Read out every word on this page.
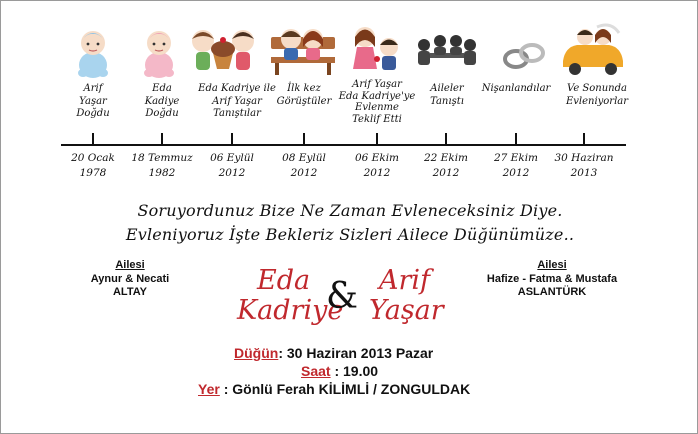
Arif
Yaşar
Doğdu
Eda
Kadiye
Doğdu
Eda Kadriye ile
Arif Yaşar
Tanıştılar
İlk kez
Görüştüler
Arif Yaşar
Eda Kadriye'ye
Evlenme
Teklif Etti
Aileler
Tanıştı
Nişanlandılar	Ve Sonunda
Evleniyorlar
20 Ocak
1978
18 Temmuz
1982
06 Eylül
2012
08 Eylül
2012
06 Ekim
2012
22 Ekim
2012
27 Ekim
2012
30 Haziran
2013
Soruyordunuz Bize Ne Zaman Evleneceksiniz Diye.
Evleniyoruz İşte Bekleriz Sizleri Ailece Düğünümüze..
Ailesi
Aynur & Necati
ALTAY
Ailesi
Hafize - Fatma & Mustafa
ASLANTÜRK
Eda
Kadriye
& Arif
Yaşar
Düğün: 30 Haziran 2013 Pazar
Saat : 19.00
Yer : Gönlü Ferah KİLİMLİ / ZONGULDAK
